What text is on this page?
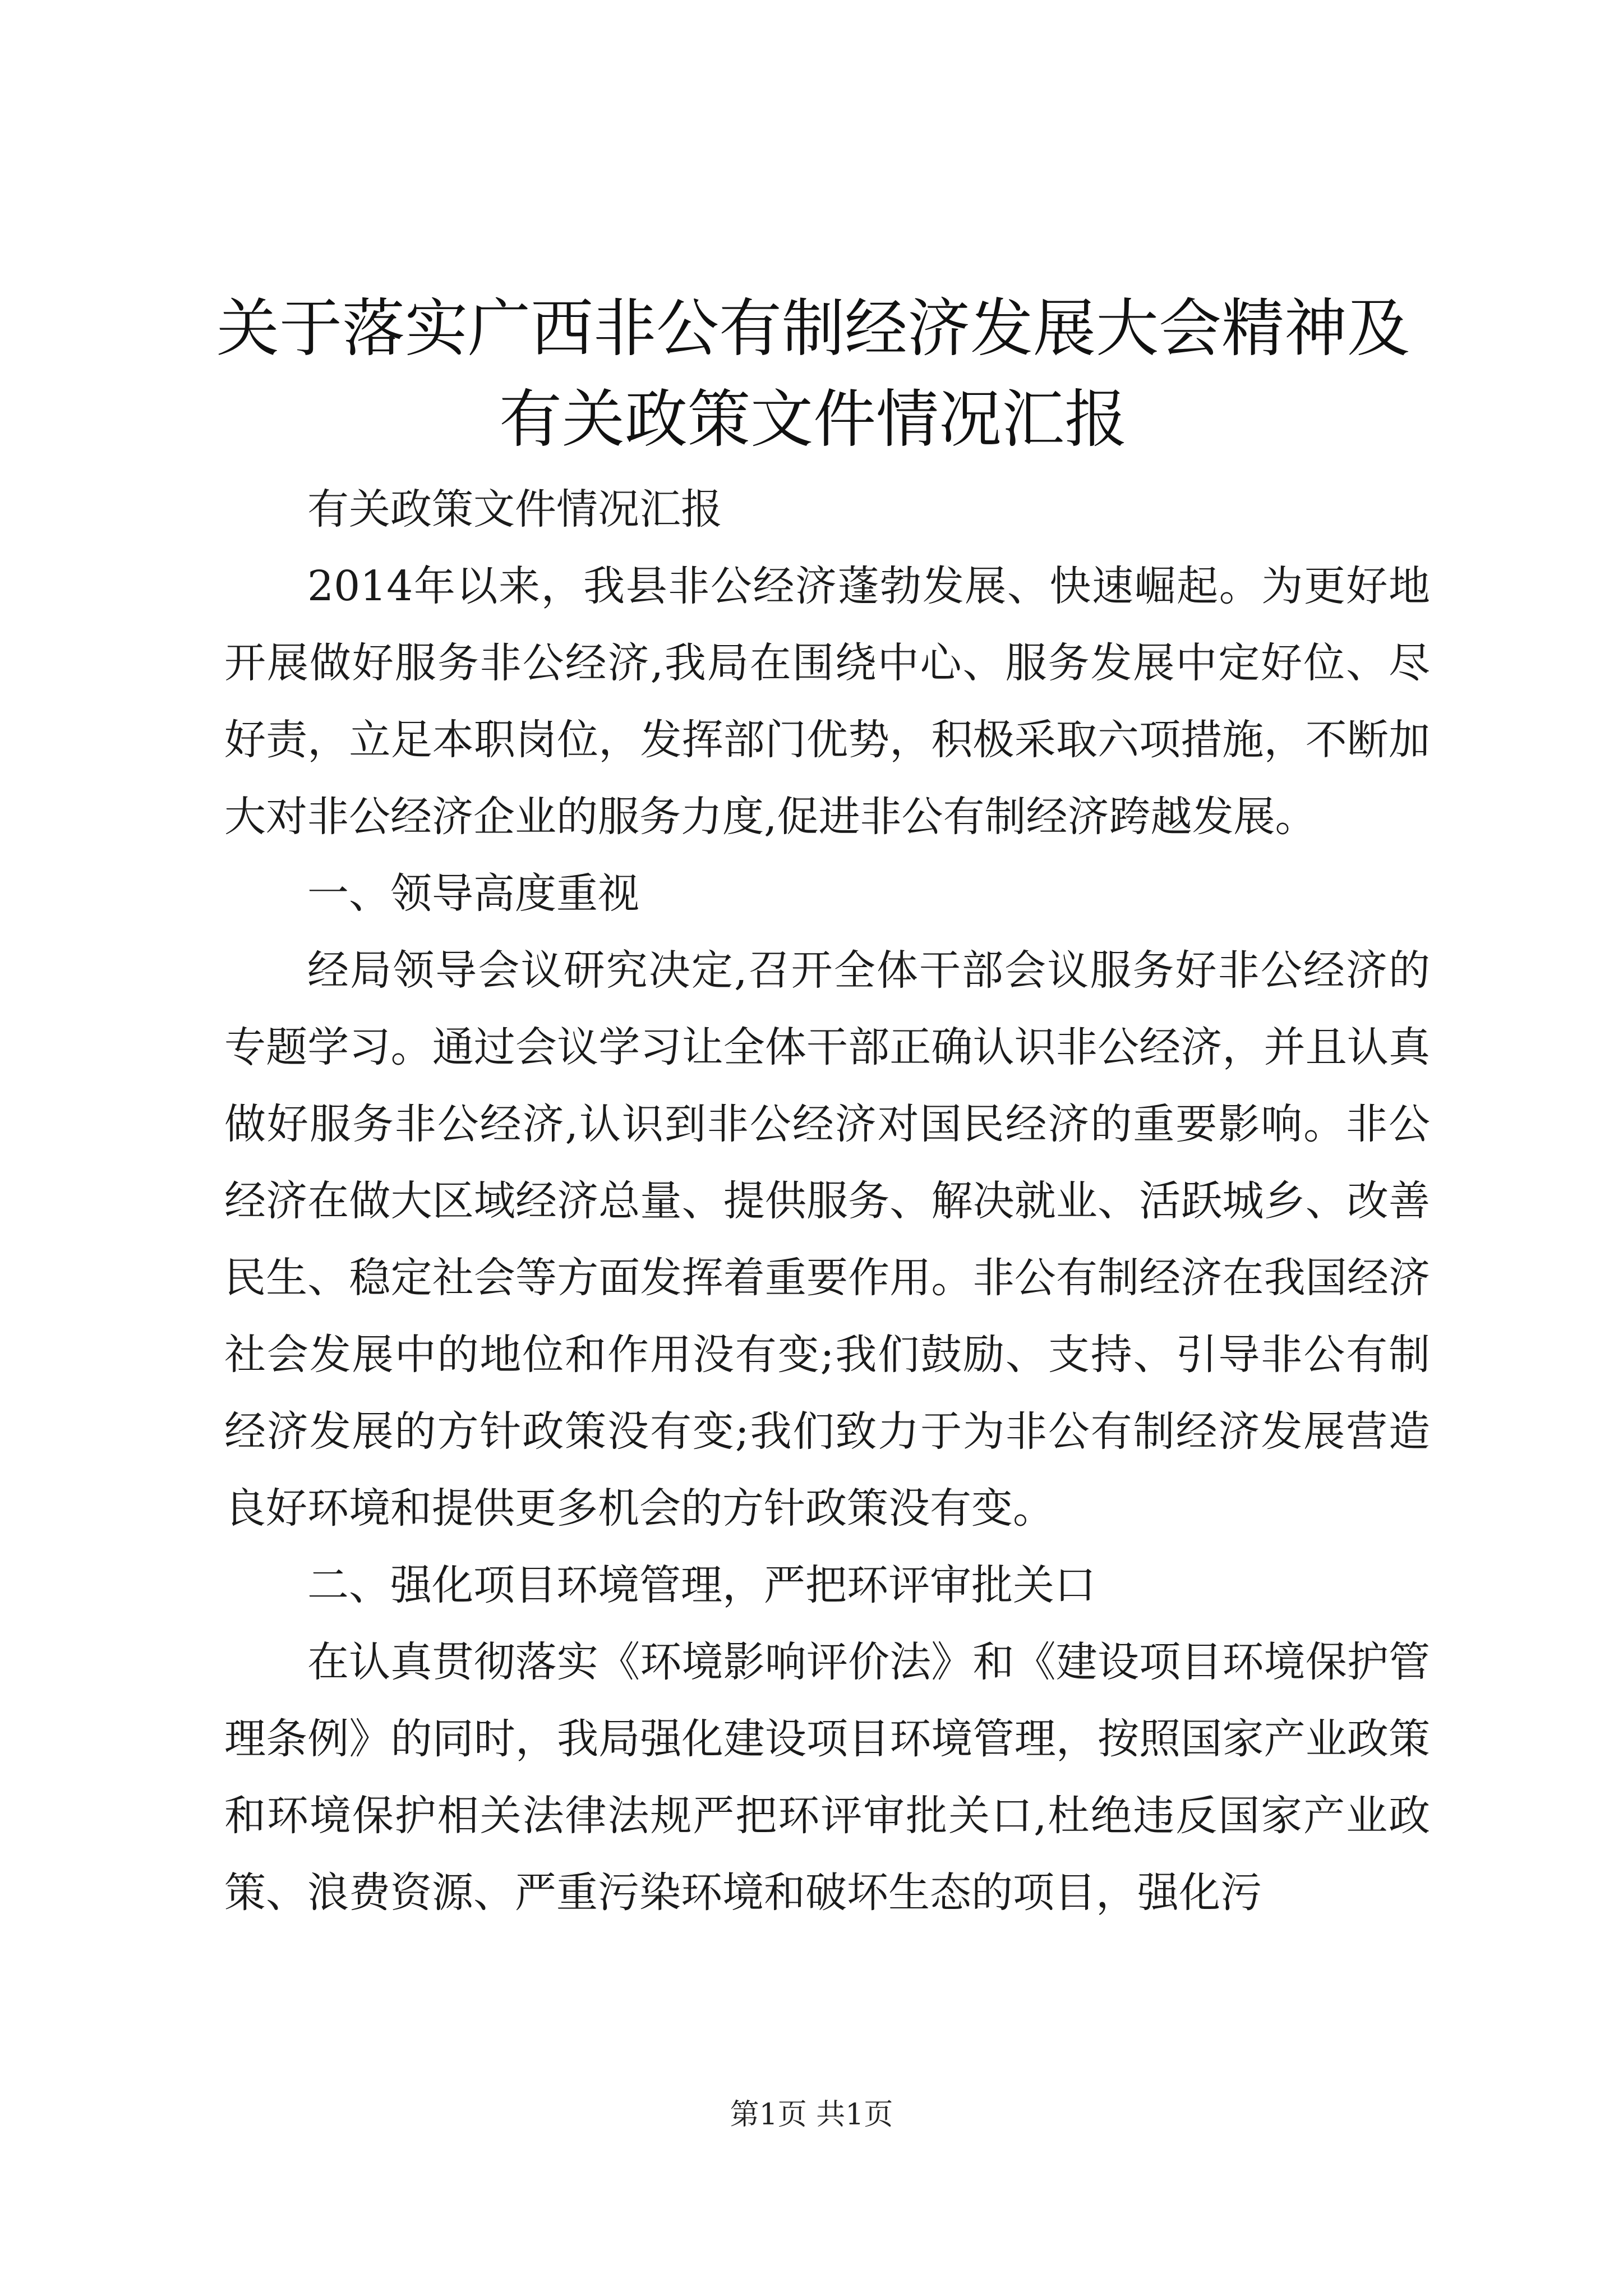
关于落实广西非公有制经济发展大会精神及有关政策文件情况汇报

有关政策文件情况汇报

2014年以来，我县非公经济蓬勃发展、快速崛起。为更好地开展做好服务非公经济,我局在围绕中心、服务发展中定好位、尽好责，立足本职岗位，发挥部门优势，积极采取六项措施，不断加大对非公经济企业的服务力度,促进非公有制经济跨越发展。

一、领导高度重视

经局领导会议研究决定,召开全体干部会议服务好非公经济的专题学习。通过会议学习让全体干部正确认识非公经济，并且认真做好服务非公经济,认识到非公经济对国民经济的重要影响。非公经济在做大区域经济总量、提供服务、解决就业、活跃城乡、改善民生、稳定社会等方面发挥着重要作用。非公有制经济在我国经济社会发展中的地位和作用没有变;我们鼓励、支持、引导非公有制经济发展的方针政策没有变;我们致力于为非公有制经济发展营造良好环境和提供更多机会的方针政策没有变。

二、强化项目环境管理，严把环评审批关口

在认真贯彻落实《环境影响评价法》和《建设项目环境保护管理条例》的同时，我局强化建设项目环境管理，按照国家产业政策和环境保护相关法律法规严把环评审批关口,杜绝违反国家产业政策、浪费资源、严重污染环境和破坏生态的项目，强化污

第1页 共1页
